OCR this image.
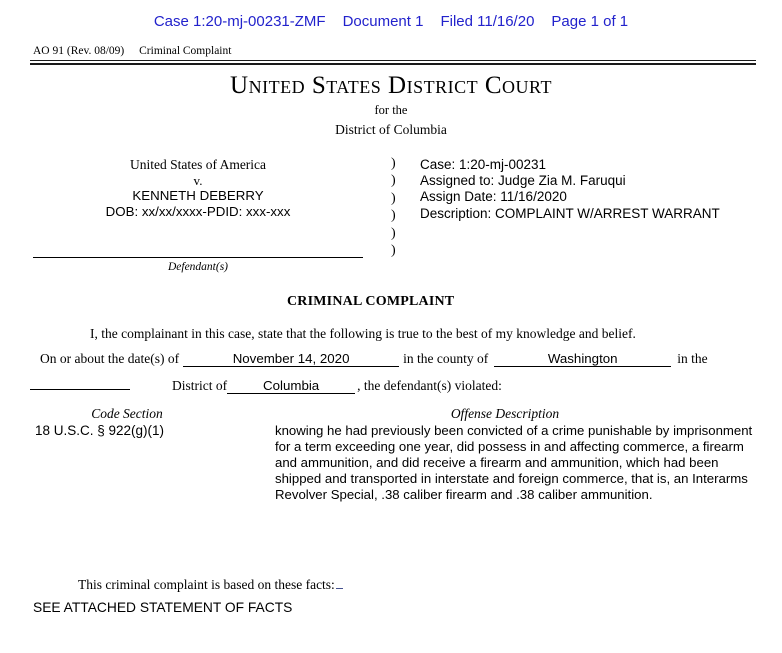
Case 1:20-mj-00231-ZMF Document 1 Filed 11/16/20 Page 1 of 1
AO 91 (Rev. 08/09) Criminal Complaint
United States District Court
for the
District of Columbia
United States of America
v.
KENNETH DEBERRY
DOB: xx/xx/xxxx-PDID: xxx-xxx
Defendant(s)
)
)
)
)
)
)
Case: 1:20-mj-00231
Assigned to: Judge Zia M. Faruqui
Assign Date: 11/16/2020
Description: COMPLAINT W/ARREST WARRANT
CRIMINAL COMPLAINT
I, the complainant in this case, state that the following is true to the best of my knowledge and belief.
On or about the date(s) of	November 14, 2020	in the county of	Washington	in the
District of	Columbia	, the defendant(s) violated:
Code Section	Offense Description
18 U.S.C. § 922(g)(1)	knowing he had previously been convicted of a crime punishable by imprisonment for a term exceeding one year, did possess in and affecting commerce, a firearm and ammunition, and did receive a firearm and ammunition, which had been shipped and transported in interstate and foreign commerce, that is, an Interarms Revolver Special, .38 caliber firearm and .38 caliber ammunition.
This criminal complaint is based on these facts:
SEE ATTACHED STATEMENT OF FACTS
